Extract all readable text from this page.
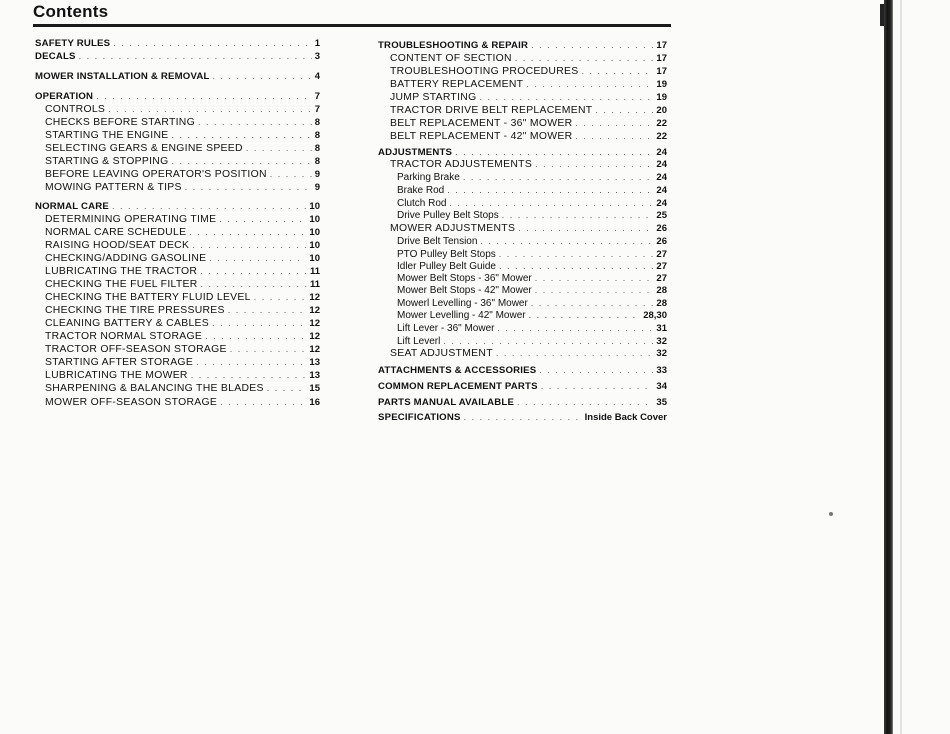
Contents
SAFETY RULES . . .	1
DECALS . . .	3
MOWER INSTALLATION & REMOVAL . . .	4
OPERATION . . .	7
CONTROLS . . .	7
CHECKS BEFORE STARTING . . .	8
STARTING THE ENGINE . . .	8
SELECTING GEARS & ENGINE SPEED . . .	8
STARTING & STOPPING . . .	8
BEFORE LEAVING OPERATOR'S POSITION . . .	9
MOWING PATTERN & TIPS . . .	9
NORMAL CARE . . .	10
DETERMINING OPERATING TIME . . .	10
NORMAL CARE SCHEDULE . . .	10
RAISING HOOD/SEAT DECK . . .	10
CHECKING/ADDING GASOLINE . . .	10
LUBRICATING THE TRACTOR . . .	11
CHECKING THE FUEL FILTER . . .	11
CHECKING THE BATTERY FLUID LEVEL . . .	12
CHECKING THE TIRE PRESSURES . . .	12
CLEANING BATTERY & CABLES . . .	12
TRACTOR NORMAL STORAGE . . .	12
TRACTOR OFF-SEASON STORAGE . . .	12
STARTING AFTER STORAGE . . .	13
LUBRICATING THE MOWER . . .	13
SHARPENING & BALANCING THE BLADES . . .	15
MOWER OFF-SEASON STORAGE . . .	16
TROUBLESHOOTING & REPAIR . . .	17
CONTENT OF SECTION . . .	17
TROUBLESHOOTING PROCEDURES . . .	17
BATTERY REPLACEMENT . . .	19
JUMP STARTING . . .	19
TRACTOR DRIVE BELT REPLACEMENT . . .	20
BELT REPLACEMENT - 36" MOWER . . .	22
BELT REPLACEMENT - 42" MOWER . . .	22
ADJUSTMENTS . . .	24
TRACTOR ADJUSTEMENTS . . .	24
Parking Brake . . .	24
Brake Rod . . .	24
Clutch Rod . . .	24
Drive Pulley Belt Stops . . .	25
MOWER ADJUSTMENTS . . .	26
Drive Belt Tension . . .	26
PTO Pulley Belt Stops . . .	27
Idler Pulley Belt Guide . . .	27
Mower Belt Stops - 36" Mower . . .	27
Mower Belt Stops - 42" Mower . . .	28
Mowerl Levelling - 36" Mower . . .	28
Mower Levelling - 42" Mower . . .	28,30
Lift Lever - 36" Mower . . .	31
Lift Leverl . . .	32
SEAT ADJUSTMENT . . .	32
ATTACHMENTS & ACCESSORIES . . .	33
COMMON REPLACEMENT PARTS . . .	34
PARTS MANUAL AVAILABLE . . .	35
SPECIFICATIONS . . .	Inside Back Cover
